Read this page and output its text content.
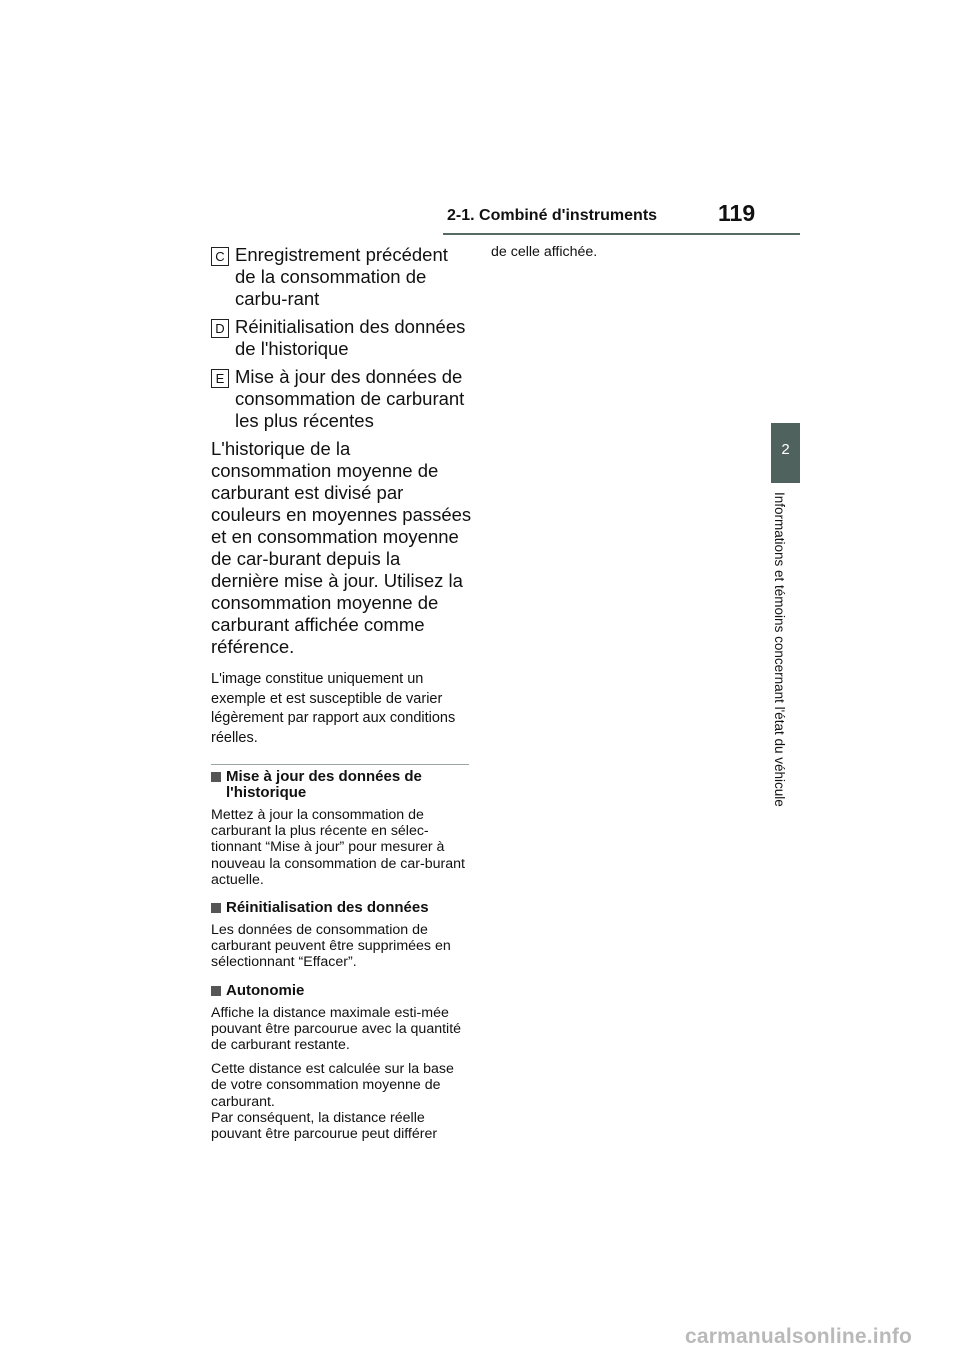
2-1. Combiné d'instruments	119
2
Informations et témoins concernant l'état du véhicule
C Enregistrement précédent de la consommation de carbu-rant
D Réinitialisation des données de l'historique
E Mise à jour des données de consommation de carburant les plus récentes
L'historique de la consommation moyenne de carburant est divisé par couleurs en moyennes passées et en consommation moyenne de car-burant depuis la dernière mise à jour. Utilisez la consommation moyenne de carburant affichée comme référence.
L'image constitue uniquement un exemple et est susceptible de varier légèrement par rapport aux conditions réelles.
Mise à jour des données de l'historique
Mettez à jour la consommation de carburant la plus récente en sélec-tionnant “Mise à jour” pour mesurer à nouveau la consommation de car-burant actuelle.
Réinitialisation des données
Les données de consommation de carburant peuvent être supprimées en sélectionnant “Effacer”.
Autonomie
Affiche la distance maximale esti-mée pouvant être parcourue avec la quantité de carburant restante.
Cette distance est calculée sur la base de votre consommation moyenne de carburant.
Par conséquent, la distance réelle pouvant être parcourue peut différer
de celle affichée.
carmanualsonline.info
